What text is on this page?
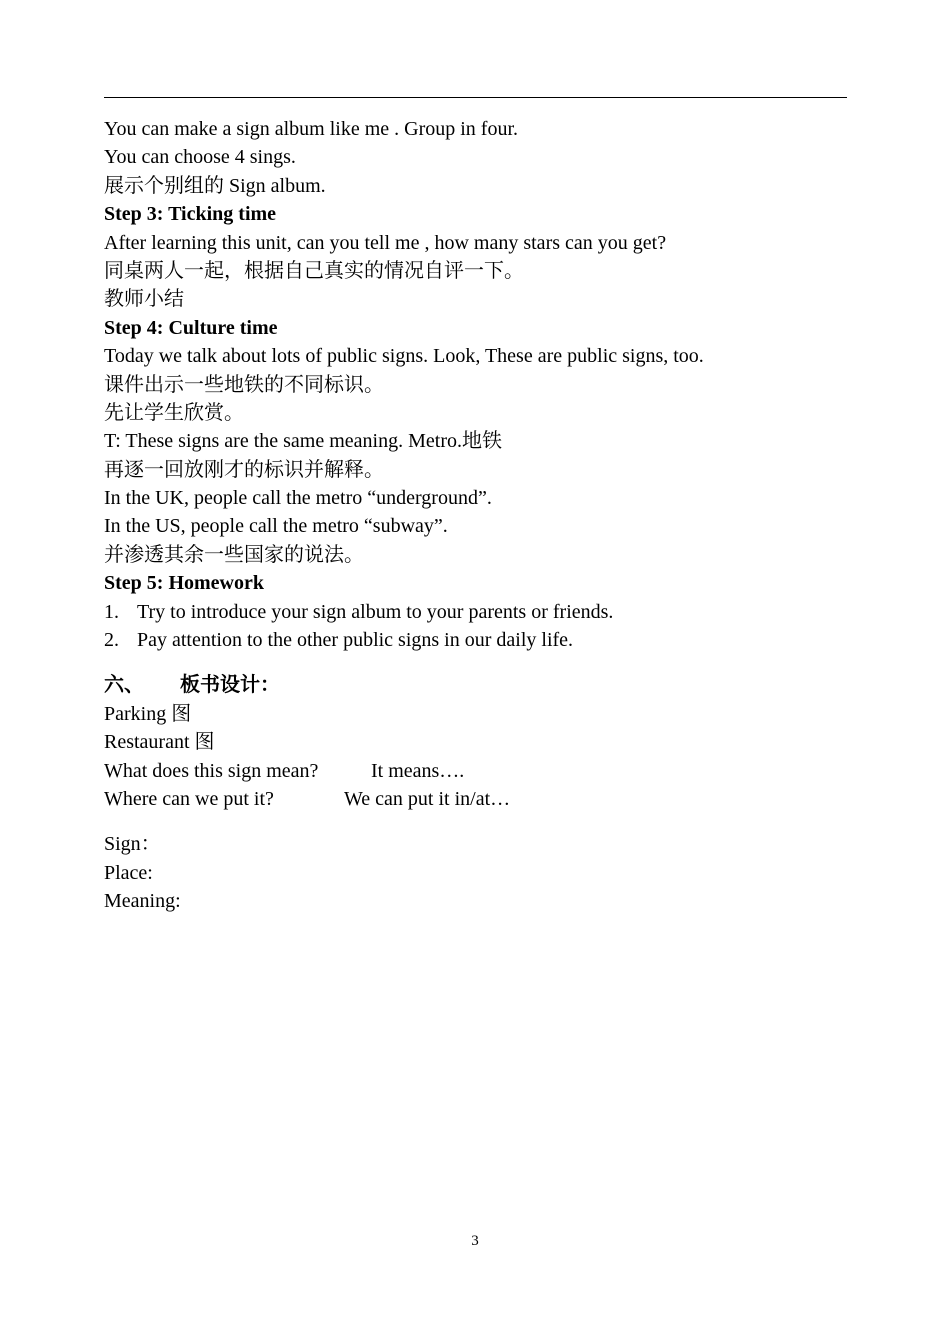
You can make a sign album like me . Group in four.
You can choose 4 sings.
展示个别组的 Sign album.
Step 3: Ticking time
After learning this unit, can you tell me , how many stars can you get?
同桌两人一起，根据自己真实的情况自评一下。
教师小结
Step 4: Culture time
Today we talk about lots of public signs. Look, These are public signs, too.
课件出示一些地铁的不同标识。
先让学生欣赏。
T: These signs are the same meaning. Metro.地铁
再逐一回放刚才的标识并解释。
In the UK, people call the metro “underground”.
In the US, people call the metro “subway”.
并渗透其余一些国家的说法。
Step 5: Homework
1. Try to introduce your sign album to your parents or friends.
2. Pay attention to the other public signs in our daily life.
六、	板书设计：
Parking 图
Restaurant 图
What does this sign mean?	It means….
Where can we put it?	We can put it in/at…
Sign：
Place:
Meaning:
3
